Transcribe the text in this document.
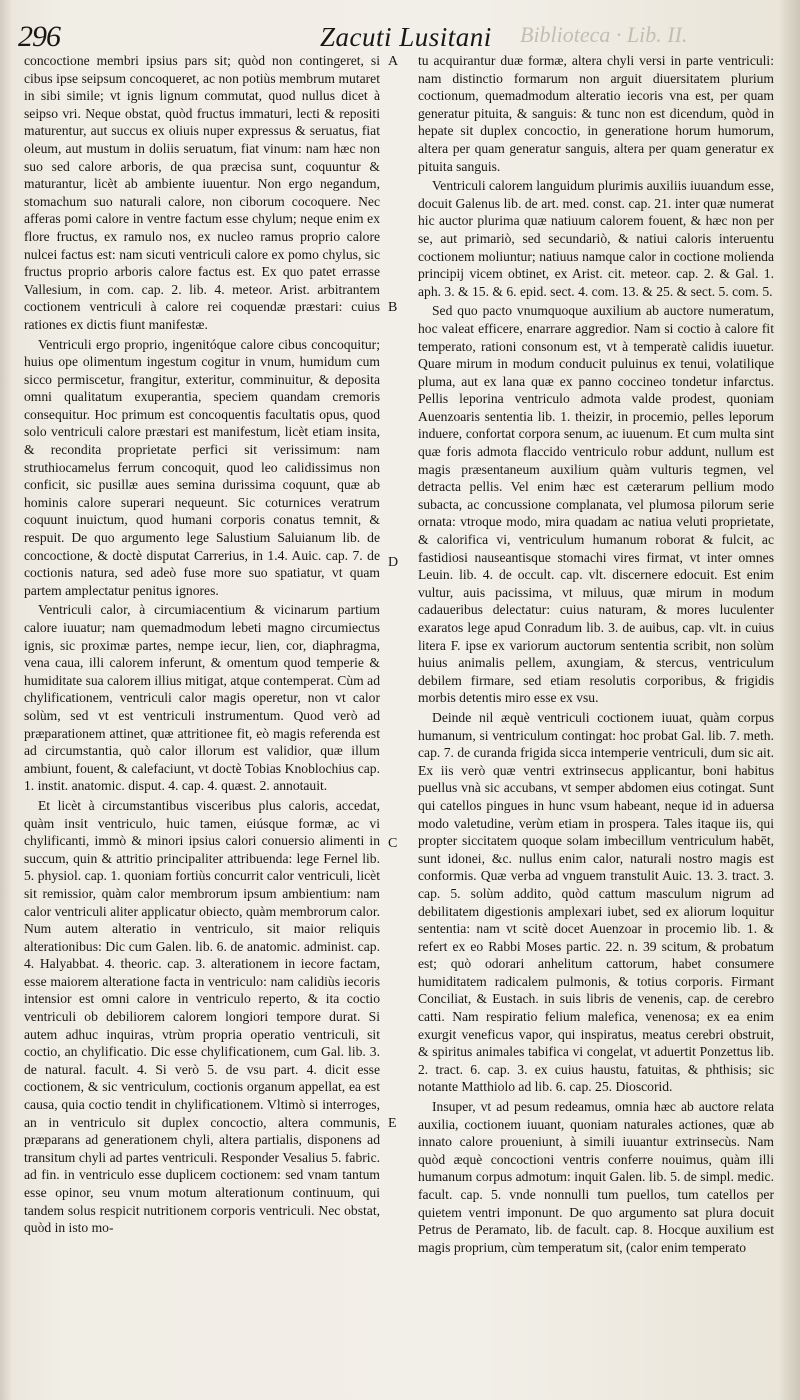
296	Zacuti Lusitani Biblioteca · Lib. II.

concoctione membri ipsius pars sit; quòd non contingeret, si cibus ipse seipsum concoqueret, ac non potiùs membrum mutaret in sibi simile; vt ignis lignum commutat, quod nullus dicet à seipso vri. Neque obstat, quòd fructus immaturi, lecti & repositi maturentur, aut succus ex oliuis nuper expressus & seruatus, fiat oleum, aut mustum in doliis seruatum, fiat vinum: nam hæc non suo sed calore arboris, de qua præcisa sunt, coquuntur & maturantur, licèt ab ambiente iuuentur. Non ergo negandum, stomachum suo naturali calore, non ciborum cocoquere. Nec afferas pomi calore in ventre factum esse chylum; neque enim ex flore fructus, ex ramulo nos, ex nucleo ramus proprio calore nulcei factus est: nam sicuti ventriculi calore ex pomo chylus, sic fructus proprio arboris calore factus est. Ex quo patet errasse Vallesium, in com. cap. 2. lib. 4. meteor. Arist. arbitrantem coctionem ventriculi à calore rei coquendæ præstari: cuius rationes ex dictis fiunt manifestæ.

Ventriculi ergo proprio, ingenitóque calore cibus concoquitur; huius ope olimentum ingestum cogitur in vnum, humidum cum sicco permiscetur, frangitur, exteritur, comminuitur, & deposita omni qualitatum exuperantia, speciem quandam cremoris consequitur. Hoc primum est concoquentis facultatis opus, quod solo ventriculi calore præstari est manifestum, licèt etiam insita, & recondita proprietate perfici sit verissimum: nam struthiocamelus ferrum concoquit, quod leo calidissimus non conficit, sic pusillæ aues semina durissima coquunt, quæ ab hominis calore superari nequeunt. Sic coturnices veratrum coquunt inuictum, quod humani corporis conatus temnit, & respuit. De quo argumento lege Salustium Saluianum lib. de concoctione, & doctè disputat Carrerius, in 1.4. Auic. cap. 7. de coctionis natura, sed adeò fuse more suo spatiatur, vt quam partem amplectatur penitus ignores.

Ventriculi calor, à circumiacentium & vicinarum partium calore iuuatur; nam quemadmodum lebeti magno circumiectus ignis, sic proximæ partes, nempe iecur, lien, cor, diaphragma, vena caua, illi calorem inferunt, & omentum quod temperie & humiditate sua calorem illius mitigat, atque contemperat. Cùm ad chylificationem, ventriculi calor magis operetur, non vt calor solùm, sed vt est ventriculi instrumentum. Quod verò ad præparationem attinet, quæ attritionee fit, eò magis referenda est ad circumstantia, quò calor illorum est validior, quæ illum ambiunt, fouent, & calefaciunt, vt doctè Tobias Knoblochius cap. 1. instit. anatomic. disput. 4. cap. 4. quæst. 2. annotauit.

Et licèt à circumstantibus visceribus plus caloris, accedat, quàm insit ventriculo, huic tamen, eiúsque formæ, ac vi chylificanti, immò & minori ipsius calori conuersio alimenti in succum, quin & attritio principaliter attribuenda: lege Fernel lib. 5. physiol. cap. 1. quoniam fortiùs concurrit calor ventriculi, licèt sit remissior, quàm calor membrorum ipsum ambientium: nam calor ventriculi aliter applicatur obiecto, quàm membrorum calor. Num autem alteratio in ventriculo, sit maior reliquis alterationibus: Dic cum Galen. lib. 6. de anatomic. administ. cap. 4. Halyabbat. 4. theoric. cap. 3. alterationem in iecore factam, esse maiorem alteratione facta in ventriculo: nam calidiùs iecoris intensior est omni calore in ventriculo reperto, & ita coctio ventriculi ob debiliorem calorem longiori tempore durat. Si autem adhuc inquiras, vtrùm propria operatio ventriculi, sit coctio, an chylificatio. Dic esse chylificationem, cum Gal. lib. 3. de natural. facult. 4. Si verò 5. de vsu part. 4. dicit esse coctionem, & sic ventriculum, coctionis organum appellat, ea est causa, quia coctio tendit in chylificationem. Vltimò si interroges, an in ventriculo sit duplex concoctio, altera communis, præparans ad generationem chyli, altera partialis, disponens ad transitum chyli ad partes ventriculi. Responder Vesalius 5. fabric. ad fin. in ventriculo esse duplicem coctionem: sed vnam tantum esse opinor, seu vnum motum alterationum continuum, qui tandem solus respicit nutritionem corporis ventriculi. Nec obstat, quòd in isto mo-

A
B
D
C
E

tu acquirantur duæ formæ, altera chyli versi in parte ventriculi: nam distinctio formarum non arguit diuersitatem plurium coctionum, quemadmodum alteratio iecoris vna est, per quam generatur pituita, & sanguis: & tunc non est dicendum, quòd in hepate sit duplex concoctio, in generatione horum humorum, altera per quam generatur sanguis, altera per quam generatur ex pituita sanguis.

Ventriculi calorem languidum plurimis auxiliis iuuandum esse, docuit Galenus lib. de art. med. const. cap. 21. inter quæ numerat hic auctor plurima quæ natiuum calorem fouent, & hæc non per se, aut primariò, sed secundariò, & natiui caloris interuentu coctionem moliuntur; natiuus namque calor in coctione molienda principij vicem obtinet, ex Arist. cit. meteor. cap. 2. & Gal. 1. aph. 3. & 15. & 6. epid. sect. 4. com. 13. & 25. & sect. 5. com. 5.

Sed quo pacto vnumquoque auxilium ab auctore numeratum, hoc valeat efficere, enarrare aggredior. Nam si coctio à calore fit temperato, rationi consonum est, vt à temperatè calidis iuuetur. Quare mirum in modum conducit puluinus ex tenui, volatilique pluma, aut ex lana quæ ex panno coccineo tondetur infarctus. Pellis leporina ventriculo admota valde prodest, quoniam Auenzoaris sententia lib. 1. theizir, in procemio, pelles leporum induere, confortat corpora senum, ac iuuenum. Et cum multa sint quæ foris admota flaccido ventriculo robur addunt, nullum est magis præsentaneum auxilium quàm vulturis tegmen, vel detracta pellis. Vel enim hæc est cæterarum pellium modo subacta, ac concussione complanata, vel plumosa pilorum serie ornata: vtroque modo, mira quadam ac natiua veluti proprietate, & calorifica vi, ventriculum humanum roborat & fulcit, ac fastidiosi nauseantisque stomachi vires firmat, vt inter omnes Leuin. lib. 4. de occult. cap. vlt. discernere edocuit. Est enim vultur, auis pacissima, vt miluus, quæ mirum in modum cadaueribus delectatur: cuius naturam, & mores luculenter exaratos lege apud Conradum lib. 3. de auibus, cap. vlt. in cuius litera F. ipse ex variorum auctorum sententia scribit, non solùm huius animalis pellem, axungiam, & stercus, ventriculum debilem firmare, sed etiam resolutis corporibus, & frigidis morbis detentis miro esse ex vsu.

Deinde nil æquè ventriculi coctionem iuuat, quàm corpus humanum, si ventriculum contingat: hoc probat Gal. lib. 7. meth. cap. 7. de curanda frigida sicca intemperie ventriculi, dum sic ait. Ex iis verò quæ ventri extrinsecus applicantur, boni habitus puellus vnà sic accubans, vt semper abdomen eius cotingat. Sunt qui catellos pingues in hunc vsum habeant, neque id in aduersa modo valetudine, verùm etiam in prospera. Tales itaque iis, qui propter siccitatem quoque solam imbecillum ventriculum habēt, sunt idonei, &c. nullus enim calor, naturali nostro magis est conformis. Quæ verba ad vnguem transtulit Auic. 13. 3. tract. 3. cap. 5. solùm addito, quòd cattum masculum nigrum ad debilitatem digestionis amplexari iubet, sed ex aliorum loquitur sententia: nam vt scitè docet Auenzoar in procemio lib. 1. & refert ex eo Rabbi Moses partic. 22. n. 39 scitum, & probatum est; quò odorari anhelitum cattorum, habet consumere humiditatem radicalem pulmonis, & totius corporis. Firmant Conciliat, & Eustach. in suis libris de venenis, cap. de cerebro catti. Nam respiratio felium malefica, venenosa; ex ea enim exurgit veneficus vapor, qui inspiratus, meatus cerebri obstruit, & spiritus animales tabifica vi congelat, vt aduertit Ponzettus lib. 2. tract. 6. cap. 3. ex cuius haustu, fatuitas, & phthisis; sic notante Matthiolo ad lib. 6. cap. 25. Dioscorid.

Insuper, vt ad pesum redeamus, omnia hæc ab auctore relata auxilia, coctionem iuuant, quoniam naturales actiones, quæ ab innato calore proueniunt, à simili iuuantur extrinsecùs. Nam quòd æquè concoctioni ventris conferre nouimus, quàm illi humanum corpus admotum: inquit Galen. lib. 5. de simpl. medic. facult. cap. 5. vnde nonnulli tum puellos, tum catellos per quietem ventri imponunt. De quo argumento sat plura docuit Petrus de Peramato, lib. de facult. cap. 8. Hocque auxilium est magis proprium, cùm temperatum sit, (calor enim temperato
